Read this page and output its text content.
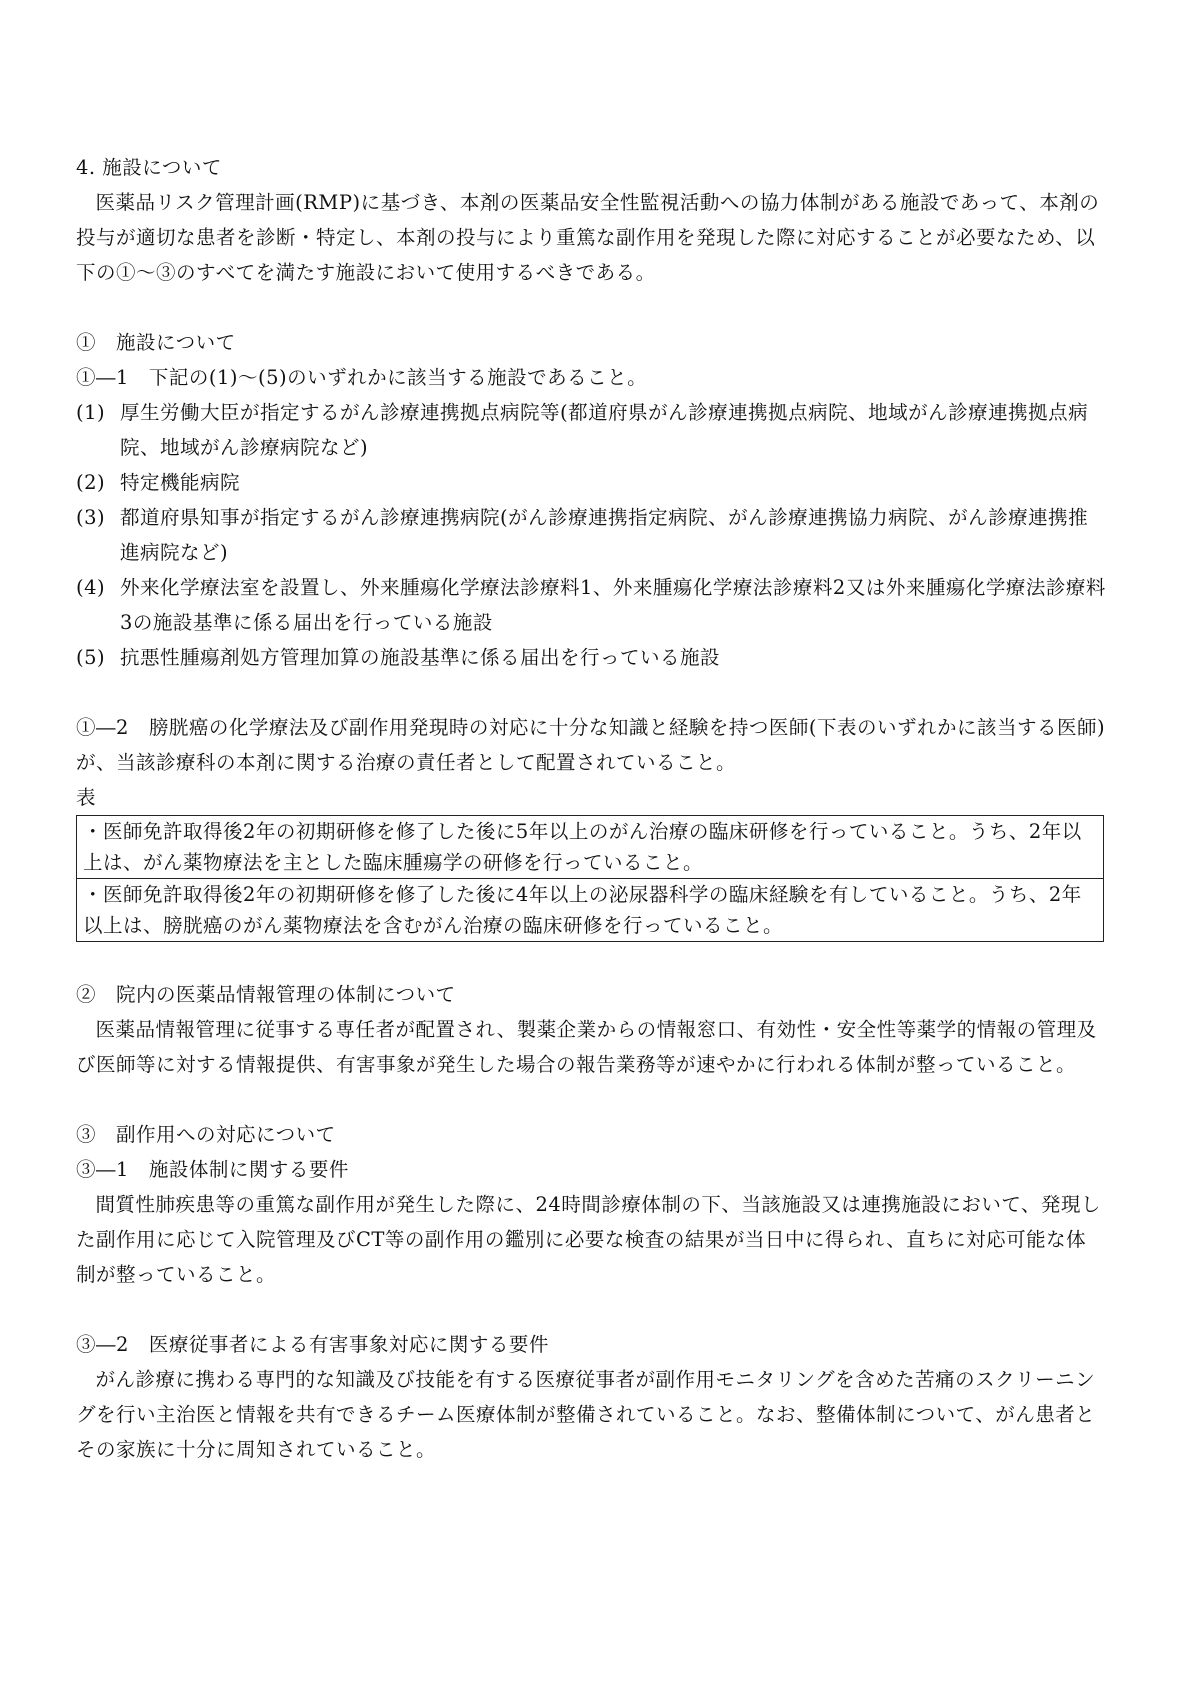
4. 施設について

医薬品リスク管理計画(RMP)に基づき、本剤の医薬品安全性監視活動への協力体制がある施設であって、本剤の投与が適切な患者を診断・特定し、本剤の投与により重篤な副作用を発現した際に対応することが必要なため、以下の①～③のすべてを満たす施設において使用するべきである。

①　施設について

①―1　下記の(1)～(5)のいずれかに該当する施設であること。

(1) 厚生労働大臣が指定するがん診療連携拠点病院等(都道府県がん診療連携拠点病院、地域がん診療連携拠点病院、地域がん診療病院など)
(2) 特定機能病院
(3) 都道府県知事が指定するがん診療連携病院(がん診療連携指定病院、がん診療連携協力病院、がん診療連携推進病院など)
(4) 外来化学療法室を設置し、外来腫瘍化学療法診療料1、外来腫瘍化学療法診療料2又は外来腫瘍化学療法診療料3の施設基準に係る届出を行っている施設
(5) 抗悪性腫瘍剤処方管理加算の施設基準に係る届出を行っている施設

①―2　膀胱癌の化学療法及び副作用発現時の対応に十分な知識と経験を持つ医師(下表のいずれかに該当する医師)が、当該診療科の本剤に関する治療の責任者として配置されていること。

表

・医師免許取得後2年の初期研修を修了した後に5年以上のがん治療の臨床研修を行っていること。うち、2年以上は、がん薬物療法を主とした臨床腫瘍学の研修を行っていること。
・医師免許取得後2年の初期研修を修了した後に4年以上の泌尿器科学の臨床経験を有していること。うち、2年以上は、膀胱癌のがん薬物療法を含むがん治療の臨床研修を行っていること。

②　院内の医薬品情報管理の体制について

医薬品情報管理に従事する専任者が配置され、製薬企業からの情報窓口、有効性・安全性等薬学的情報の管理及び医師等に対する情報提供、有害事象が発生した場合の報告業務等が速やかに行われる体制が整っていること。

③　副作用への対応について

③―1　施設体制に関する要件

間質性肺疾患等の重篤な副作用が発生した際に、24時間診療体制の下、当該施設又は連携施設において、発現した副作用に応じて入院管理及びCT等の副作用の鑑別に必要な検査の結果が当日中に得られ、直ちに対応可能な体制が整っていること。

③―2　医療従事者による有害事象対応に関する要件

がん診療に携わる専門的な知識及び技能を有する医療従事者が副作用モニタリングを含めた苦痛のスクリーニングを行い主治医と情報を共有できるチーム医療体制が整備されていること。なお、整備体制について、がん患者とその家族に十分に周知されていること。
